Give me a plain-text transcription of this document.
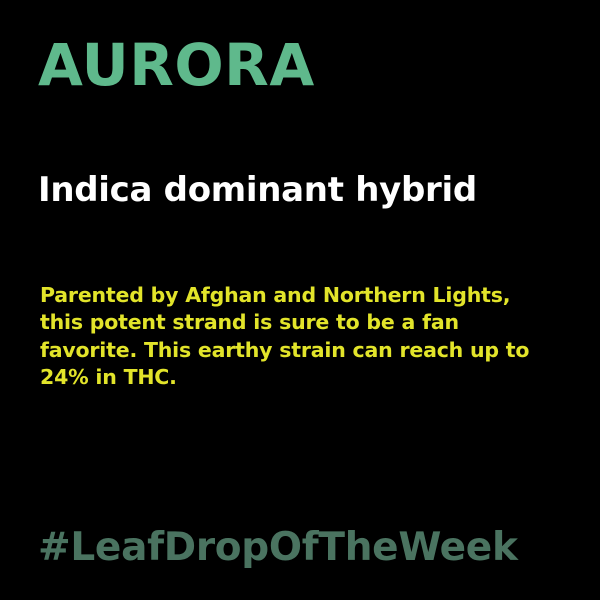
AURORA
Indica dominant hybrid

Parented by Afghan and Northern Lights, this potent strand is sure to be a fan favorite. This earthy strain can reach up to 24% in THC.

#LeafDropOfTheWeek
